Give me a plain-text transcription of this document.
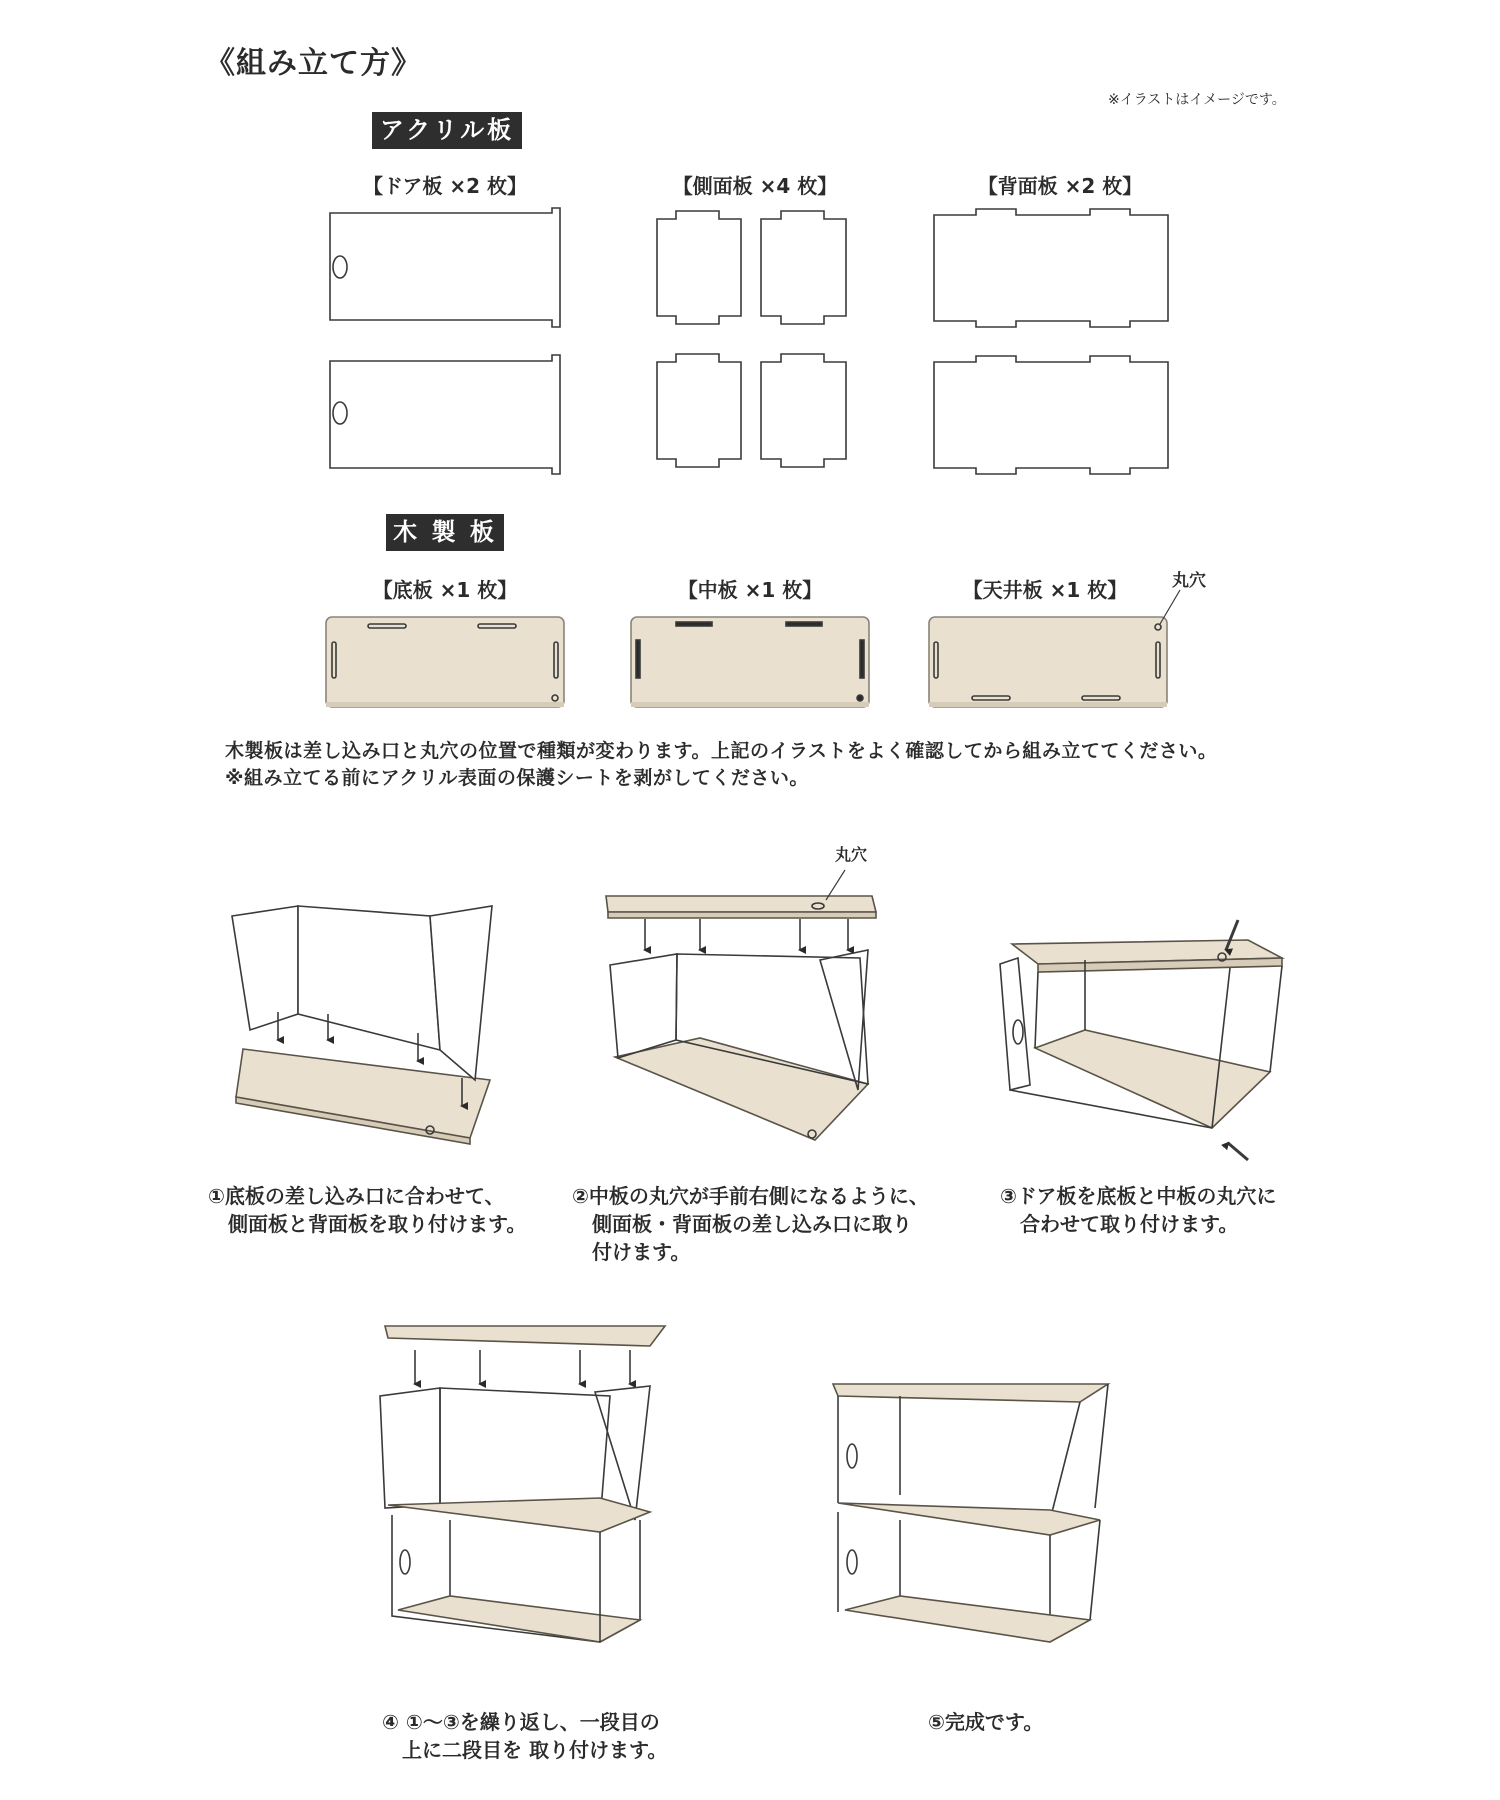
《組み立て方》
※イラストはイメージです。
アクリル板
木 製 板
【ドア板 ×2 枚】	【側面板 ×4 枚】	【背面板 ×2 枚】
【底板 ×1 枚】	【中板 ×1 枚】	【天井板 ×1 枚】	丸穴
丸穴
木製板は差し込み口と丸穴の位置で種類が変わります。上記のイラストをよく確認してから組み立ててください。
※組み立てる前にアクリル表面の保護シートを剥がしてください。
①底板の差し込み口に合わせて、
　側面板と背面板を取り付けます。
②中板の丸穴が手前右側になるように、
　側面板・背面板の差し込み口に取り
　付けます。
③ドア板を底板と中板の丸穴に
　合わせて取り付けます。
④ ①～③を繰り返し、一段目の
　上に二段目を 取り付けます。
⑤完成です。
